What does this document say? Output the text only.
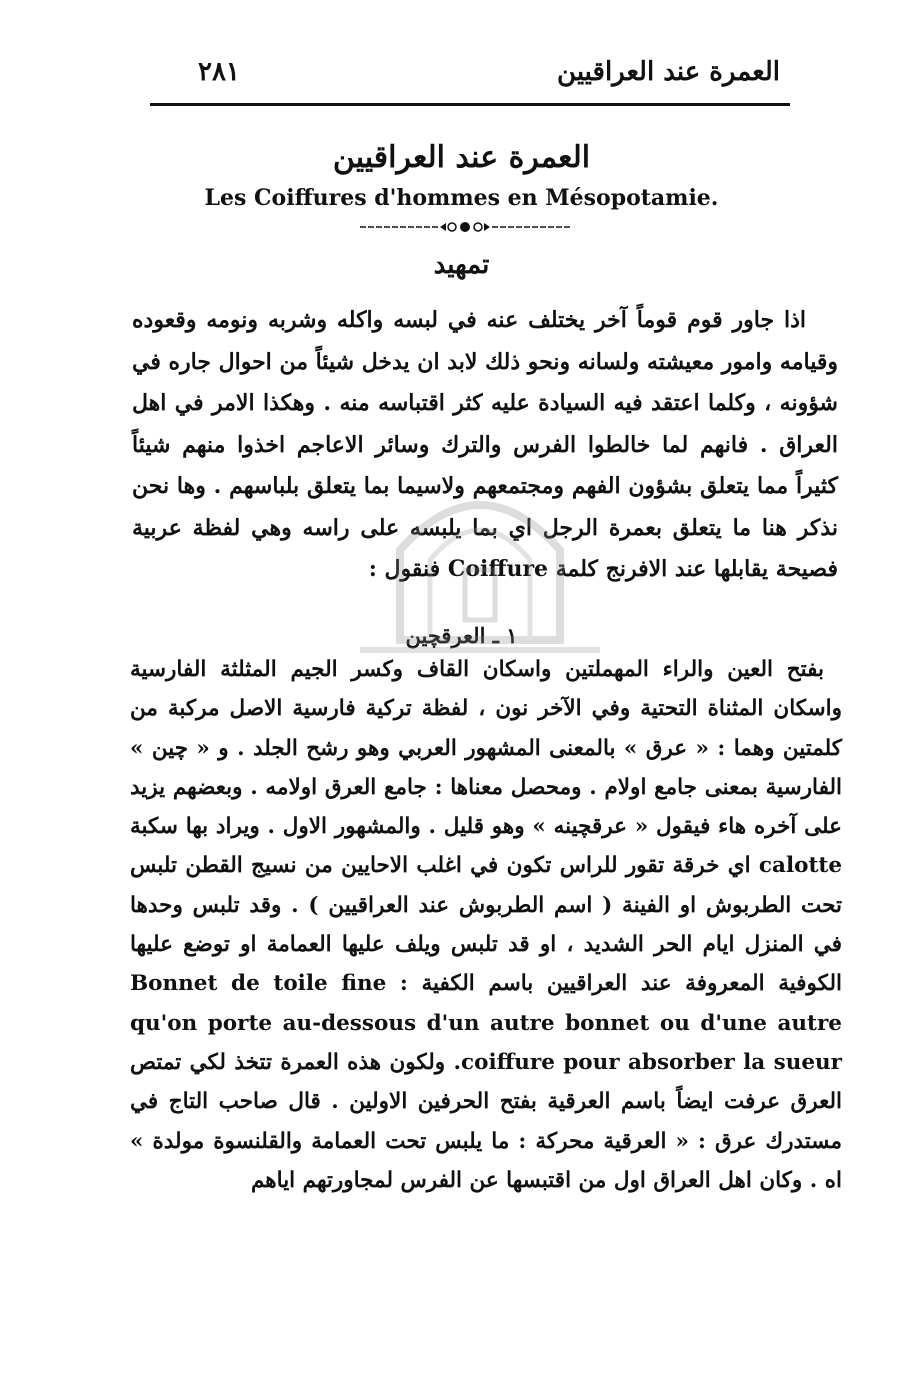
٢٨١	العمرة عند العراقيين
العمرة عند العراقيين
Les Coiffures d'hommes en Mésopotamie.
تمهيد

اذا جاور قوم قوماً آخر يختلف عنه في لبسه واكله وشربه ونومه وقعوده وقيامه وامور معيشته ولسانه ونحو ذلك لابد ان يدخل شيئاً من احوال جاره في شؤونه ، وكلما اعتقد فيه السيادة عليه كثر اقتباسه منه . وهكذا الامر في اهل العراق . فانهم لما خالطوا الفرس والترك وسائر الاعاجم اخذوا منهم شيئاً كثيراً مما يتعلق بشؤون الفهم ومجتمعهم ولاسيما بما يتعلق بلباسهم . وها نحن نذكر هنا ما يتعلق بعمرة الرجل اي بما يلبسه على راسه وهي لفظة عربية فصيحة يقابلها عند الافرنج كلمة Coiffure فنقول :

١ ـ العرقچين

بفتح العين والراء المهملتين واسكان القاف وكسر الجيم المثلثة الفارسية واسكان المثناة التحتية وفي الآخر نون ، لفظة تركية فارسية الاصل مركبة من كلمتين وهما : « عرق » بالمعنى المشهور العربي وهو رشح الجلد . و « چين » الفارسية بمعنى جامع اولام . ومحصل معناها : جامع العرق اولامه . وبعضهم يزيد على آخره هاء فيقول « عرقچينه » وهو قليل . والمشهور الاول . ويراد بها سكبة calotte اي خرقة تقور للراس تكون في اغلب الاحايين من نسيج القطن تلبس تحت الطربوش او الفينة ( اسم الطربوش عند العراقيين ) . وقد تلبس وحدها في المنزل ايام الحر الشديد ، او قد تلبس ويلف عليها العمامة او توضع عليها الكوفية المعروفة عند العراقيين باسم الكفية : Bonnet de toile fine qu'on porte au-dessous d'un autre bonnet ou d'une autre coiffure pour absorber la sueur. ولكون هذه العمرة تتخذ لكي تمتص العرق عرفت ايضاً باسم العرقية بفتح الحرفين الاولين . قال صاحب التاج في مستدرك عرق : « العرقية محركة : ما يلبس تحت العمامة والقلنسوة مولدة » اه . وكان اهل العراق اول من اقتبسها عن الفرس لمجاورتهم اياهم
